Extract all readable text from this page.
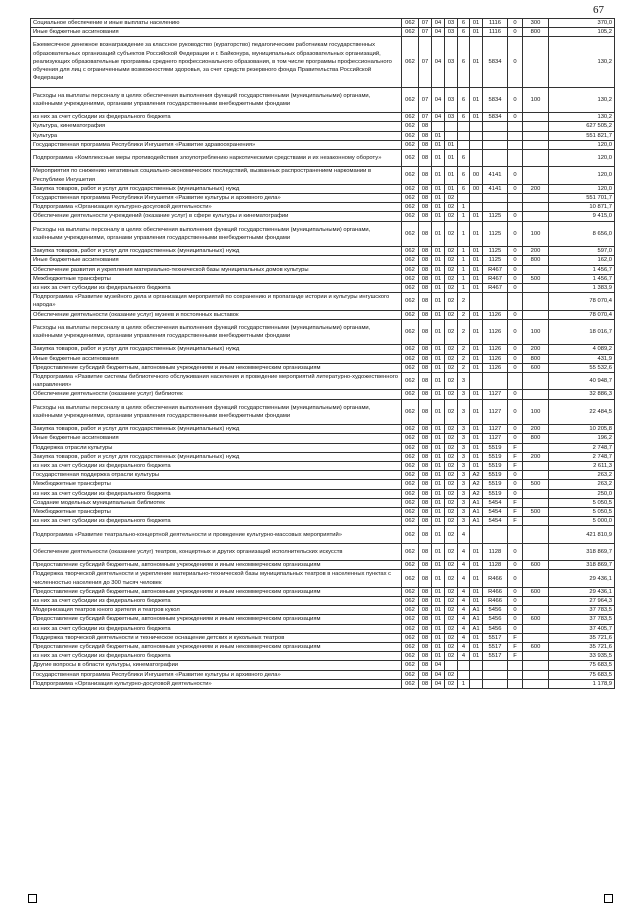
67
Социальное обеспечение и иные выплаты населению	062	07	04	03	6	01	1116	0	300	370,0
Иные бюджетные ассигнования	062	07	04	03	6	01	1116	0	800	105,2
Ежемесячное денежное вознаграждение за классное руководство (кураторство) педагогическим работникам государственных образовательных организаций субъектов Российской Федерации и г. Байконура, муниципальных образовательных организаций, реализующих образовательные программы среднего профессионального образования, в том числе программы профессионального обучения для лиц с ограниченными возможностями здоровья, за счет средств резервного фонда Правительства Российской Федерации	062	07	04	03	6	01	5834	0		130,2
Расходы на выплаты персоналу в целях обеспечения выполнения функций государственными (муниципальными) органами, казёнными учреждениями, органами управления государственными внебюджетными фондами	062	07	04	03	6	01	5834	0	100	130,2
из них за счет субсидии из федерального бюджета	062	07	04	03	6	01	5834	0		130,2
Культура, кинематография	062	08								627 505,2
Культура	062	08	01							551 821,7
Государственная программа Республики Ингушетия «Развитие здравоохранения»	062	08	01	01						120,0
Подпрограмма «Комплексные меры противодействия злоупотреблению наркотическими средствами и их незаконному обороту»	062	08	01	01	6					120,0
Мероприятия по снижению негативных социально-экономических последствий, вызванных распространением наркомании в Республике Ингушетия	062	08	01	01	6	00	4141	0		120,0
Закупка товаров, работ и услуг для государственных (муниципальных) нужд	062	08	01	01	6	00	4141	0	200	120,0
Государственная программа Республики Ингушетия «Развитие культуры и архивного дела»	062	08	01	02						551 701,7
Подпрограмма «Организация культурно-досуговой деятельности»	062	08	01	02	1					10 871,7
Обеспечение деятельности учреждений (оказание услуг) в сфере культуры и кинематографии	062	08	01	02	1	01	1125	0		9 415,0
Расходы на выплаты персоналу в целях обеспечения выполнения функций государственными (муниципальными) органами, казёнными учреждениями, органами управления государственными внебюджетными фондами	062	08	01	02	1	01	1125	0	100	8 656,0
Закупка товаров, работ и услуг для государственных (муниципальных) нужд	062	08	01	02	1	01	1125	0	200	597,0
Иные бюджетные ассигнования	062	08	01	02	1	01	1125	0	800	162,0
Обеспечение развития и укрепления материально-технической базы муниципальных домов культуры	062	08	01	02	1	01	R467	0		1 456,7
Межбюджетные трансферты	062	08	01	02	1	01	R467	0	500	1 456,7
из них за счет субсидии из федерального бюджета	062	08	01	02	1	01	R467	0		1 383,9
Подпрограмма «Развитие музейного дела и организация мероприятий по сохранению и пропаганде истории и культуры ингушского народа»	062	08	01	02	2					78 070,4
Обеспечение деятельности (оказание услуг) музеев и постоянных выставок	062	08	01	02	2	01	1126	0		78 070,4
Расходы на выплаты персоналу в целях обеспечения выполнения функций государственными (муниципальными) органами, казёнными учреждениями, органами управления государственными внебюджетными фондами	062	08	01	02	2	01	1126	0	100	18 016,7
Закупка товаров, работ и услуг для государственных (муниципальных) нужд	062	08	01	02	2	01	1126	0	200	4 089,2
Иные бюджетные ассигнования	062	08	01	02	2	01	1126	0	800	431,9
Предоставление субсидий бюджетным, автономным учреждениям и иным некоммерческим организациям	062	08	01	02	2	01	1126	0	600	55 532,6
Подпрограмма «Развитие системы библиотечного обслуживания населения и проведение мероприятий литературно-художественного направления»	062	08	01	02	3					40 948,7
Обеспечение деятельности (оказание услуг) библиотек	062	08	01	02	3	01	1127	0		32 886,3
Расходы на выплаты персоналу в целях обеспечения выполнения функций государственными (муниципальными) органами, казёнными учреждениями, органами управления государственными внебюджетными фондами	062	08	01	02	3	01	1127	0	100	22 484,5
Закупка товаров, работ и услуг для государственных (муниципальных) нужд	062	08	01	02	3	01	1127	0	200	10 205,8
Иные бюджетные ассигнования	062	08	01	02	3	01	1127	0	800	196,2
Поддержка отрасли культуры	062	08	01	02	3	01	5519	F		2 748,7
Закупка товаров, работ и услуг для государственных (муниципальных) нужд	062	08	01	02	3	01	5519	F	200	2 748,7
из них за счет субсидии из федерального бюджета	062	08	01	02	3	01	5519	F		2 611,3
Государственная поддержка отрасли культуры	062	08	01	02	3	A2	5519	0		263,2
Межбюджетные трансферты	062	08	01	02	3	A2	5519	0	500	263,2
из них за счет субсидии из федерального бюджета	062	08	01	02	3	A2	5519	0		250,0
Создание модельных муниципальных библиотек	062	08	01	02	3	A1	5454	F		5 050,5
Межбюджетные трансферты	062	08	01	02	3	A1	5454	F	500	5 050,5
из них за счет субсидии из федерального бюджета	062	08	01	02	3	A1	5454	F		5 000,0
Подпрограмма «Развитие театрально-концертной деятельности и проведение культурно-массовых мероприятий»	062	08	01	02	4					421 810,9
Обеспечение деятельности (оказание услуг) театров, концертных и других организаций исполнительских искусств	062	08	01	02	4	01	1128	0		318 869,7
Предоставление субсидий бюджетным, автономным учреждениям и иным некоммерческим организациям	062	08	01	02	4	01	1128	0	600	318 869,7
Поддержка творческой деятельности и укрепление материально-технической базы муниципальных театров в населенных пунктах с численностью населения до 300 тысяч человек	062	08	01	02	4	01	R466	0		29 436,1
Предоставление субсидий бюджетным, автономным учреждениям и иным некоммерческим организациям	062	08	01	02	4	01	R466	0	600	29 436,1
из них за счет субсидии из федерального бюджета	062	08	01	02	4	01	R466	0		27 964,3
Модернизация театров юного зрителя и театров кукол	062	08	01	02	4	A1	5456	0		37 783,5
Предоставление субсидий бюджетным, автономным учреждениям и иным некоммерческим организациям	062	08	01	02	4	A1	5456	0	600	37 783,5
из них за счет субсидии из федерального бюджета	062	08	01	02	4	A1	5456	0		37 405,7
Поддержка творческой деятельности и техническое оснащение детских и кукольных театров	062	08	01	02	4	01	5517	F		35 721,6
Предоставление субсидий бюджетным, автономным учреждениям и иным некоммерческим организациям	062	08	01	02	4	01	5517	F	600	35 721,6
из них за счет субсидии из федерального бюджета	062	08	01	02	4	01	5517	F		33 935,5
Другие вопросы в области культуры, кинематографии	062	08	04							75 683,5
Государственная программа Республики Ингушетия «Развитие культуры и архивного дела»	062	08	04	02						75 683,5
Подпрограмма «Организация культурно-досуговой деятельности»	062	08	04	02	1					1 178,9
